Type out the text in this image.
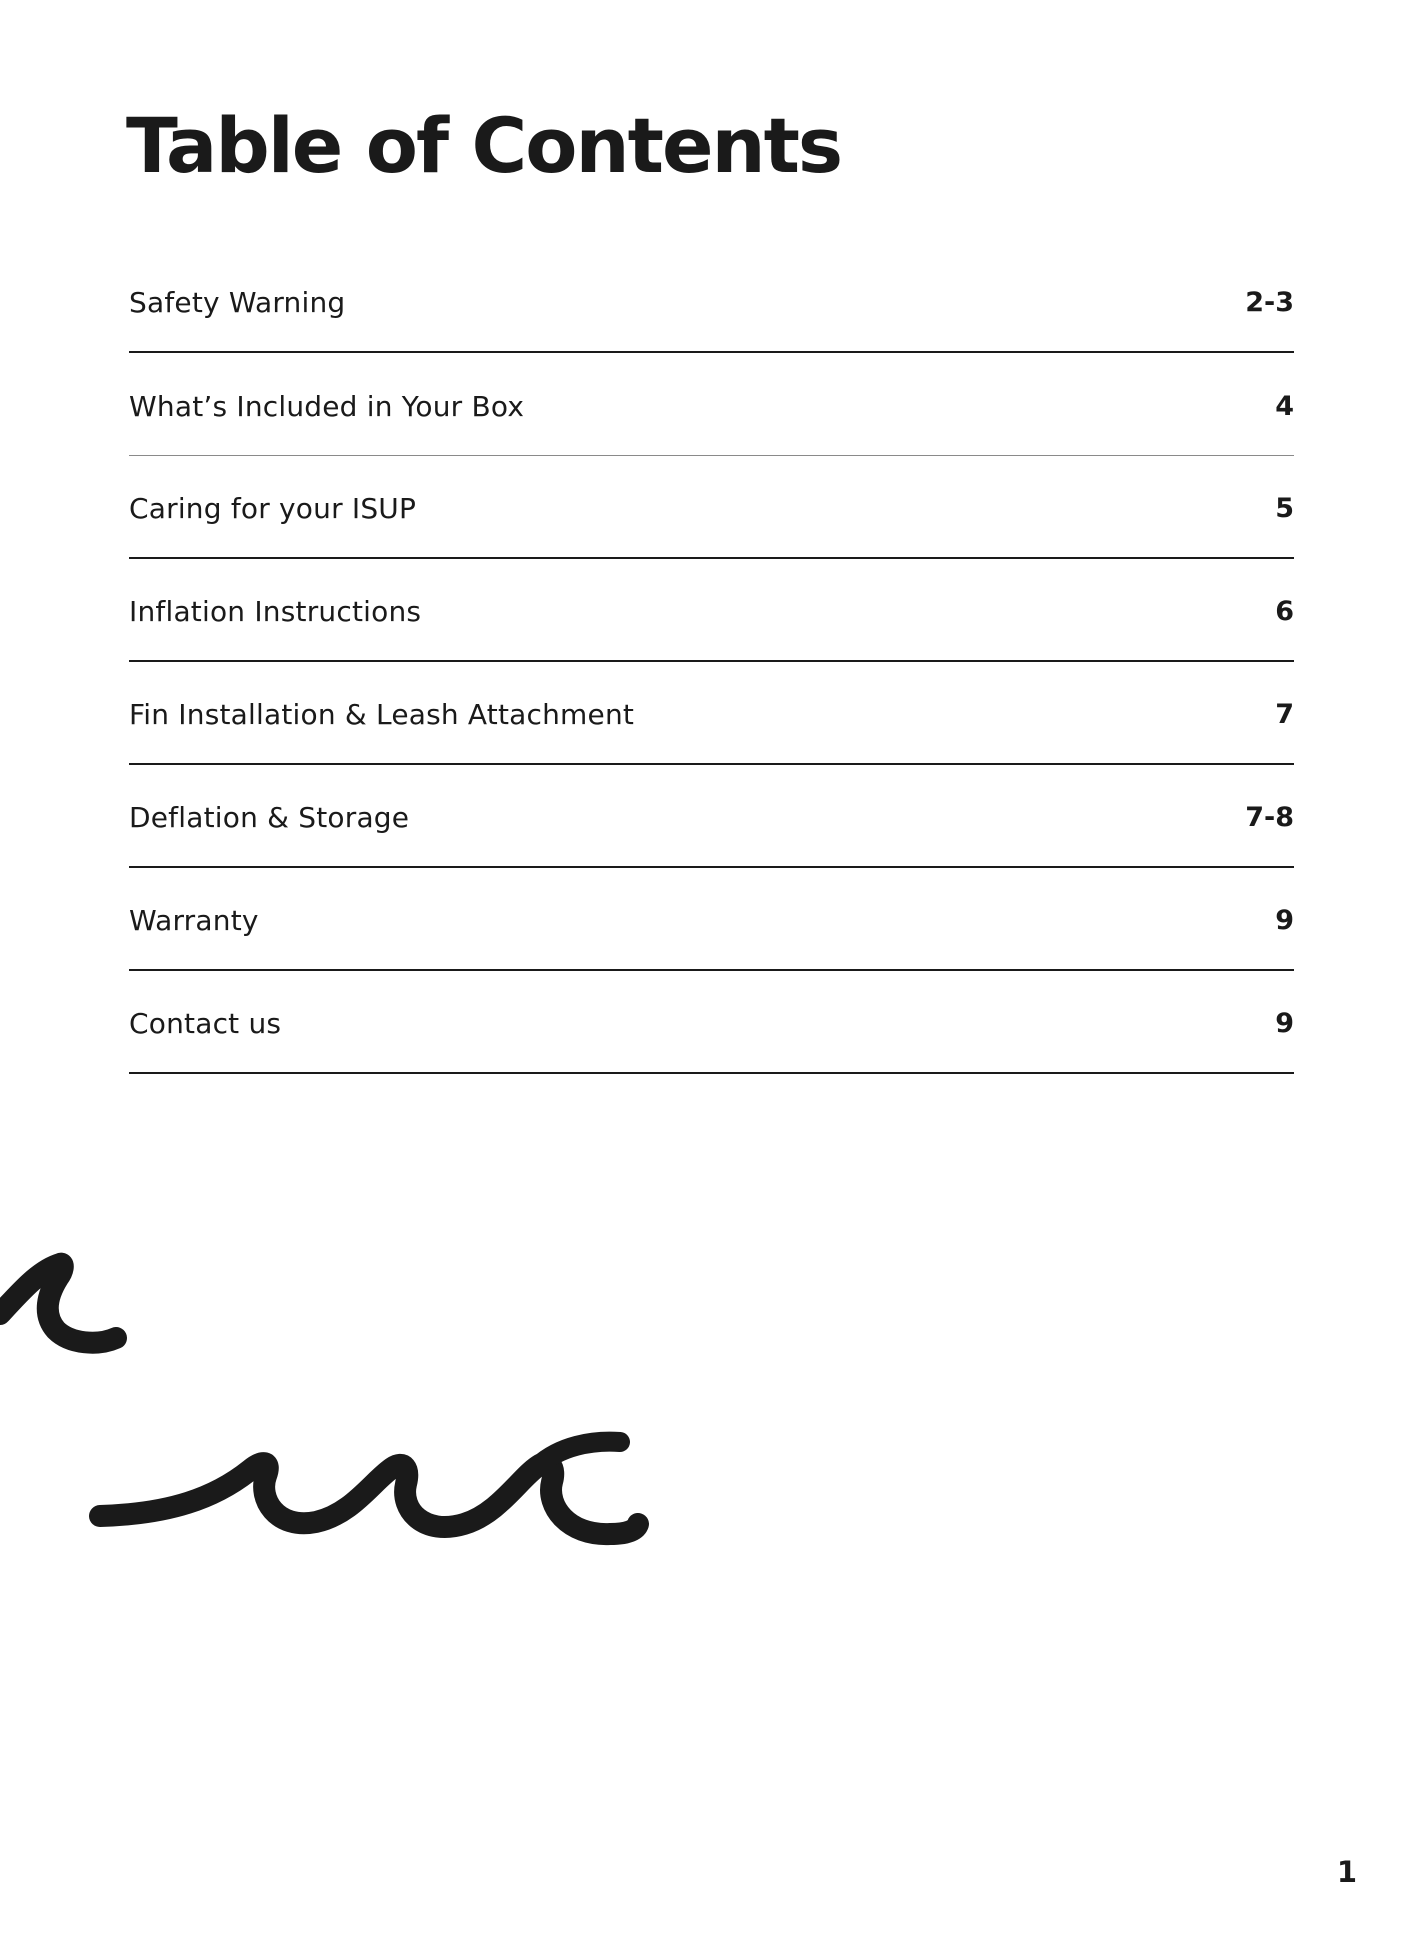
Table of Contents
Safety Warning	2-3
What’s Included in Your Box	4
Caring for your ISUP	5
Inflation Instructions	6
Fin Installation & Leash Attachment	7
Deflation & Storage	7-8
Warranty	9
Contact us	9
1
